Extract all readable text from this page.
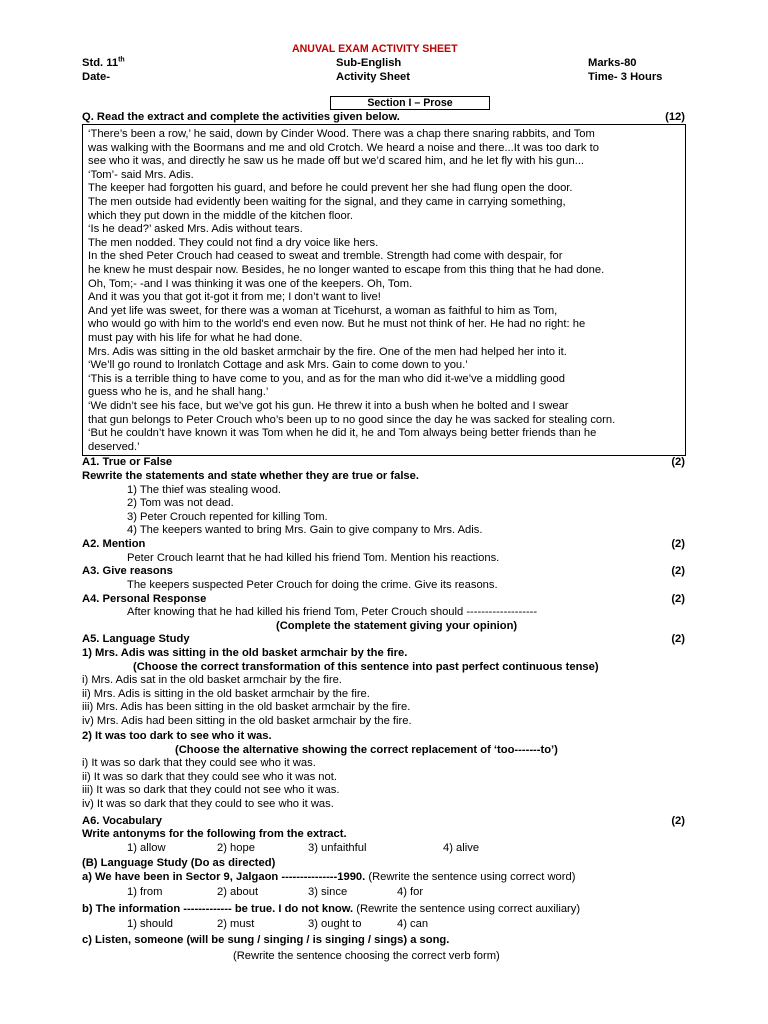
ANUVAL EXAM ACTIVITY SHEET
Std. 11th	Sub-English	Marks-80
Date-	Activity Sheet	Time- 3 Hours
Section I – Prose
Q. Read the extract and complete the activities given below.	(12)
‘There’s been a row,’ he said, down by Cinder Wood. There was a chap there snaring rabbits, and Tom
was walking with the Boormans and me and old Crotch. We heard a noise and there...It was too dark to
see who it was, and directly he saw us he made off but we’d scared him, and he let fly with his gun...
‘Tom’- said Mrs. Adis.
The keeper had forgotten his guard, and before he could prevent her she had flung open the door.
The men outside had evidently been waiting for the signal, and they came in carrying something,
which they put down in the middle of the kitchen floor.
‘Is he dead?’ asked Mrs. Adis without tears.
The men nodded. They could not find a dry voice like hers.
In the shed Peter Crouch had ceased to sweat and tremble. Strength had come with despair, for
he knew he must despair now. Besides, he no longer wanted to escape from this thing that he had done.
Oh, Tom;- -and I was thinking it was one of the keepers. Oh, Tom.
And it was you that got it-got it from me; I don’t want to live!
And yet life was sweet, for there was a woman at Ticehurst, a woman as faithful to him as Tom,
who would go with him to the world's end even now. But he must not think of her. He had no right: he
must pay with his life for what he had done.
Mrs. Adis was sitting in the old basket armchair by the fire. One of the men had helped her into it.
‘We’ll go round to lronlatch Cottage and ask Mrs. Gain to come down to you.’
‘This is a terrible thing to have come to you, and as for the man who did it-we’ve a middling good
guess who he is, and he shall hang.’
‘We didn’t see his face, but we’ve got his gun. He threw it into a bush when he bolted and I swear
that gun belongs to Peter Crouch who’s been up to no good since the day he was sacked for stealing corn.
‘But he couldn’t have known it was Tom when he did it, he and Tom always being better friends than he
deserved.’
A1. True or False	(2)
Rewrite the statements and state whether they are true or false.
1) The thief was stealing wood.
2) Tom was not dead.
3) Peter Crouch repented for killing Tom.
4) The keepers wanted to bring Mrs. Gain to give company to Mrs. Adis.
A2. Mention	(2)
Peter Crouch learnt that he had killed his friend Tom. Mention his reactions.
A3. Give reasons	(2)
The keepers suspected Peter Crouch for doing the crime. Give its reasons.
A4. Personal Response	(2)
After knowing that he had killed his friend Tom, Peter Crouch should -------------------
(Complete the statement giving your opinion)
A5. Language Study	(2)
1) Mrs. Adis was sitting in the old basket armchair by the fire.
(Choose the correct transformation of this sentence into past perfect continuous tense)
i) Mrs. Adis sat in the old basket armchair by the fire.
ii) Mrs. Adis is sitting in the old basket armchair by the fire.
iii) Mrs. Adis has been sitting in the old basket armchair by the fire.
iv) Mrs. Adis had been sitting in the old basket armchair by the fire.
2) It was too dark to see who it was.
(Choose the alternative showing the correct replacement of ‘too-------to’)
i) It was so dark that they could see who it was.
ii) It was so dark that they could see who it was not.
iii) It was so dark that they could not see who it was.
iv) It was so dark that they could to see who it was.
A6. Vocabulary	(2)
Write antonyms for the following from the extract.
1) allow	2) hope	3) unfaithful	4) alive
(B) Language Study (Do as directed)
a) We have been in Sector 9, Jalgaon ---------------1990. (Rewrite the sentence using correct word)
1) from	2) about	3) since	4) for
b) The information ------------- be true. I do not know. (Rewrite the sentence using correct auxiliary)
1) should	2) must	3) ought to	4) can
c) Listen, someone (will be sung / singing / is singing / sings) a song.
(Rewrite the sentence choosing the correct verb form)
